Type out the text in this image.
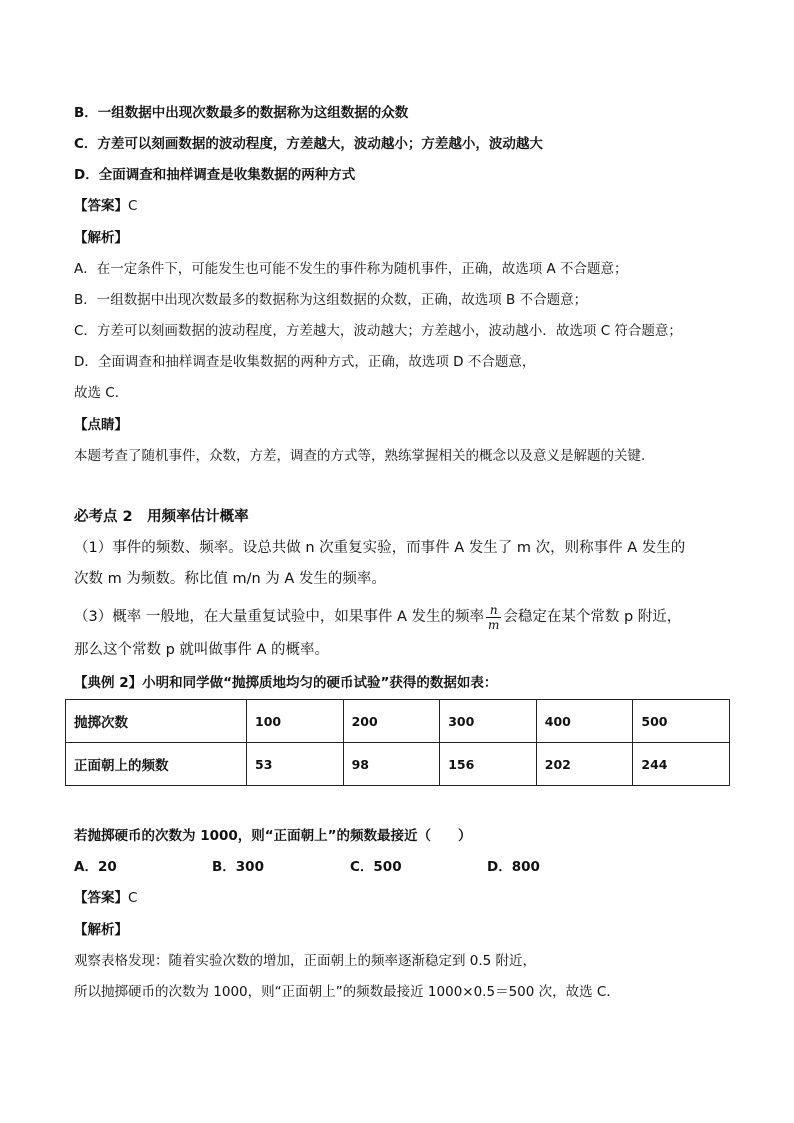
B．一组数据中出现次数最多的数据称为这组数据的众数
C．方差可以刻画数据的波动程度，方差越大，波动越小；方差越小，波动越大
D．全面调查和抽样调查是收集数据的两种方式
【答案】C
【解析】
A．在一定条件下，可能发生也可能不发生的事件称为随机事件，正确，故选项 A 不合题意；
B．一组数据中出现次数最多的数据称为这组数据的众数，正确，故选项 B 不合题意；
C．方差可以刻画数据的波动程度，方差越大，波动越大；方差越小，波动越小．故选项 C 符合题意；
D．全面调查和抽样调查是收集数据的两种方式，正确，故选项 D 不合题意，
故选 C．
【点睛】
本题考查了随机事件，众数，方差，调查的方式等，熟练掌握相关的概念以及意义是解题的关键.
必考点 2　用频率估计概率
（1）事件的频数、频率。设总共做 n 次重复实验，而事件 A 发生了 m 次，则称事件 A 发生的
次数 m 为频数。称比值 m/n 为 A 发生的频率。
（3）概率 一般地，在大量重复试验中，如果事件 A 发生的频率 $\frac{n}{m}$ 会稳定在某个常数 p 附近，
那么这个常数 p 就叫做事件 A 的概率。
【典例 2】小明和同学做“抛掷质地均匀的硬币试验”获得的数据如表：
抛掷次数	100	200	300	400	500
正面朝上的频数	53	98	156	202	244
若抛掷硬币的次数为 1000，则“正面朝上”的频数最接近（　　）
A．20	B．300	C．500	D．800
【答案】C
【解析】
观察表格发现：随着实验次数的增加，正面朝上的频率逐渐稳定到 0.5 附近，
所以抛掷硬币的次数为 1000，则“正面朝上”的频数最接近 1000×0.5＝500 次，故选 C．
